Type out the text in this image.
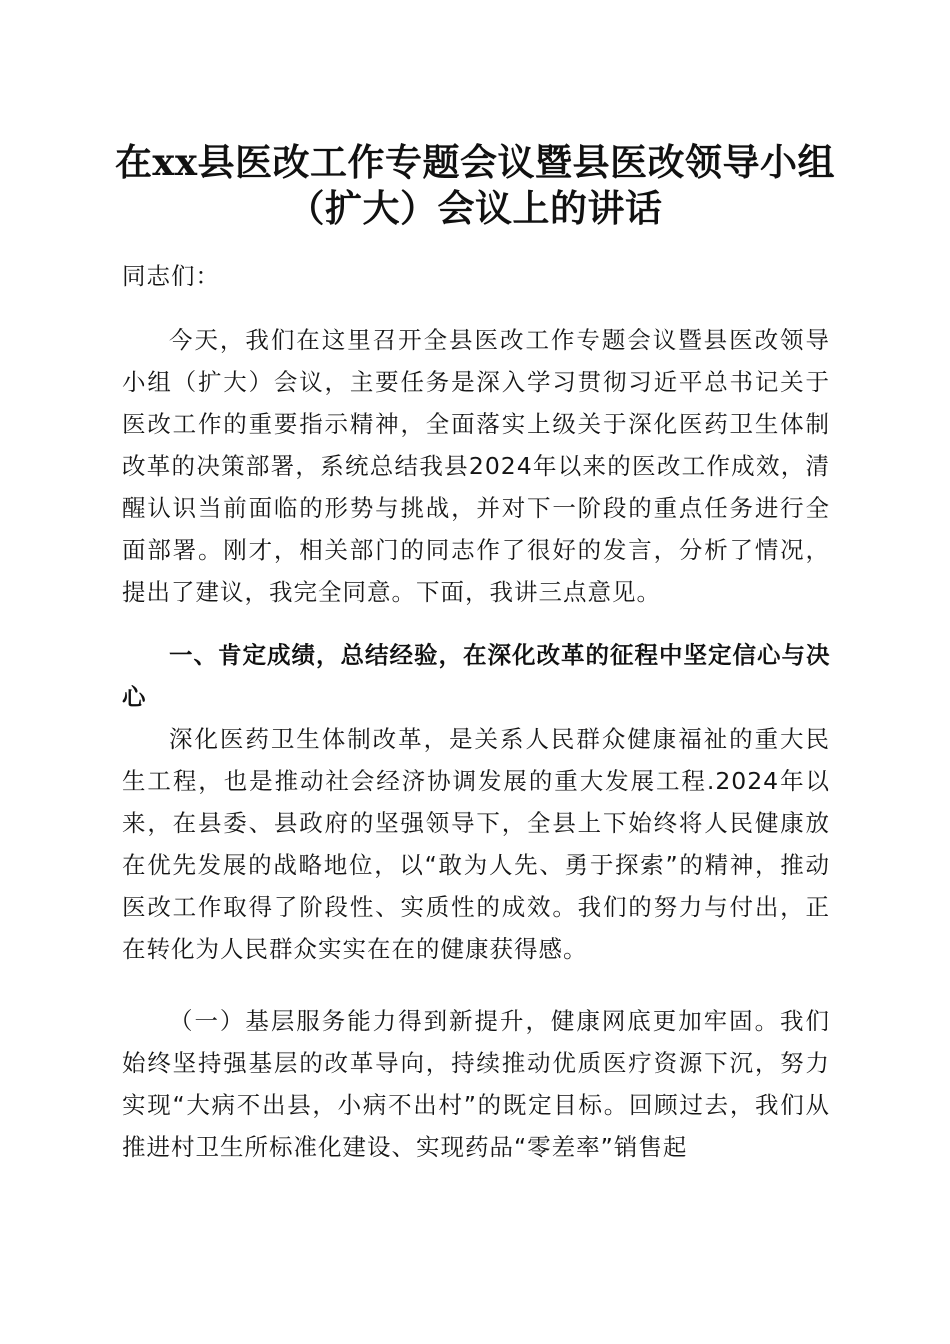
在xx县医改工作专题会议暨县医改领导小组
（扩大）会议上的讲话
同志们：

今天，我们在这里召开全县医改工作专题会议暨县医改领导小组（扩大）会议，主要任务是深入学习贯彻习近平总书记关于医改工作的重要指示精神，全面落实上级关于深化医药卫生体制改革的决策部署，系统总结我县2024年以来的医改工作成效，清醒认识当前面临的形势与挑战，并对下一阶段的重点任务进行全面部署。刚才，相关部门的同志作了很好的发言，分析了情况，提出了建议，我完全同意。下面，我讲三点意见。

一、肯定成绩，总结经验，在深化改革的征程中坚定信心与决心

深化医药卫生体制改革，是关系人民群众健康福祉的重大民生工程，也是推动社会经济协调发展的重大发展工程.2024年以来，在县委、县政府的坚强领导下，全县上下始终将人民健康放在优先发展的战略地位，以“敢为人先、勇于探索”的精神，推动医改工作取得了阶段性、实质性的成效。我们的努力与付出，正在转化为人民群众实实在在的健康获得感。

（一）基层服务能力得到新提升，健康网底更加牢固。我们始终坚持强基层的改革导向，持续推动优质医疗资源下沉，努力实现“大病不出县，小病不出村”的既定目标。回顾过去，我们从推进村卫生所标准化建设、实现药品“零差率”销售起
